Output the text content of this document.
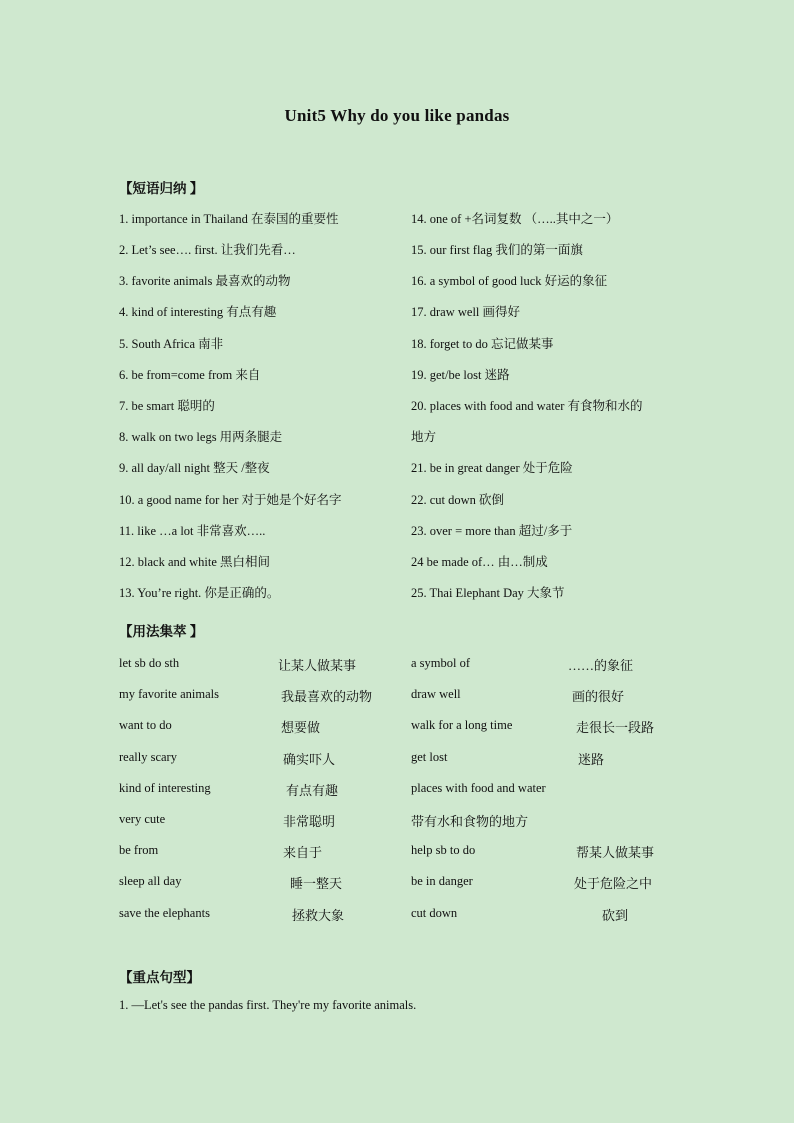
Unit5 Why do you like pandas
【短语归纳 】
1. importance in Thailand 在泰国的重要性
2. Let’s see…. first. 让我们先看…
3. favorite animals 最喜欢的动物
4. kind of interesting 有点有趣
5. South Africa 南非
6. be from=come from 来自
7. be smart 聪明的
8. walk on two legs 用两条腿走
9. all day/all night 整天 /整夜
10. a good name for her 对于她是个好名字
11. like …a lot 非常喜欢…..
12. black and white 黑白相间
13. You’re right. 你是正确的。
14. one of +名词复数 （…..其中之一）
15. our first flag 我们的第一面旗
16. a symbol of good luck 好运的象征
17. draw well 画得好
18. forget to do 忘记做某事
19. get/be lost 迷路
20. places with food and water 有食物和水的
地方
21. be in great danger 处于危险
22. cut down 砍倒
23. over = more than 超过/多于
24 be made of… 由…制成
25. Thai Elephant Day 大象节
【用法集萃 】
let sb do sth	让某人做某事
my favorite animals	我最喜欢的动物
want to do	想要做
really scary	确实吓人
kind of interesting	有点有趣
very cute	非常聪明
be from	来自于
sleep all day	睡一整天
save the elephants	拯救大象
a symbol of	……的象征
draw well	画的很好
walk for a long time	走很长一段路
get lost	迷路
places with food and water
带有水和食物的地方
help sb to do	帮某人做某事
be in danger	处于危险之中
cut down	砍到
【重点句型】
1. —Let's see the pandas first. They're my favorite animals.
